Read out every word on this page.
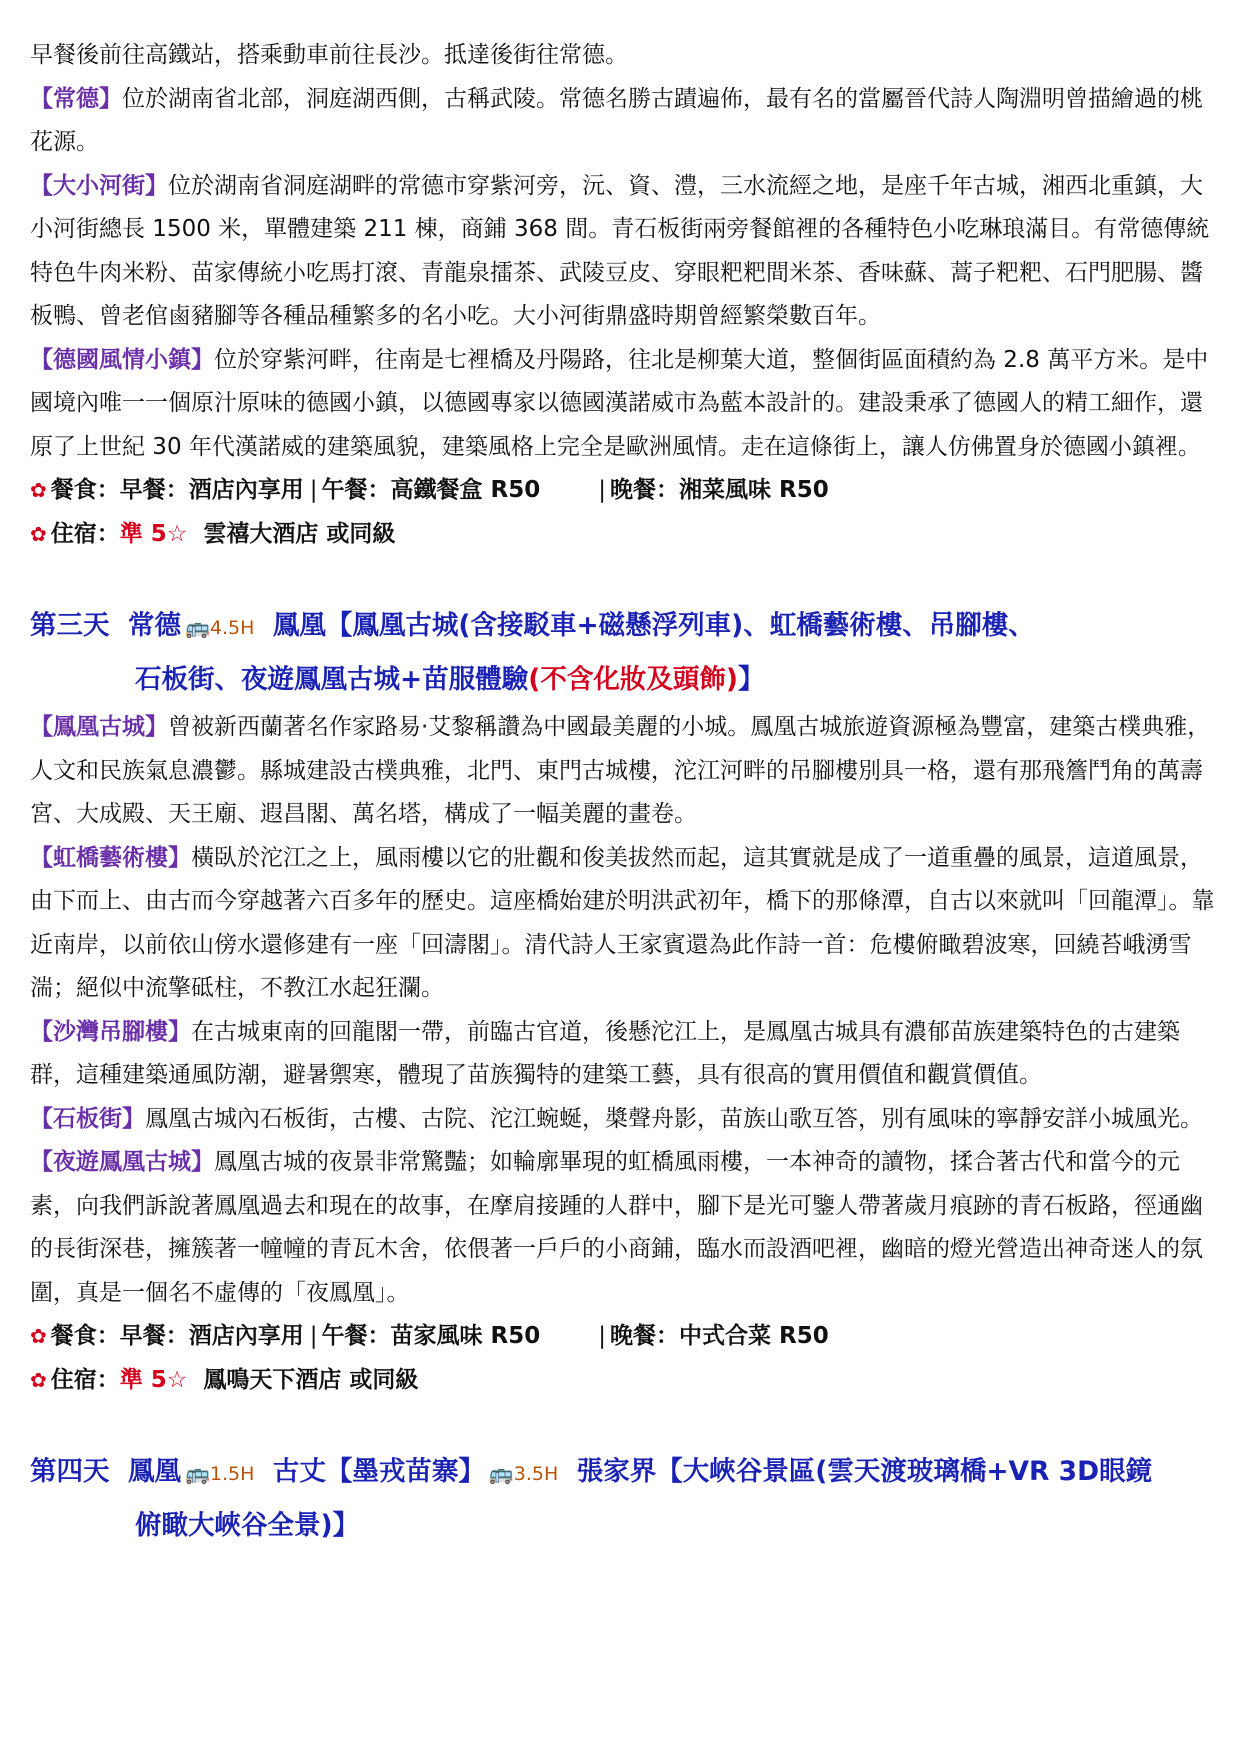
早餐後前往高鐵站，搭乘動車前往長沙。抵達後街往常德。

【常德】位於湖南省北部，洞庭湖西側，古稱武陵。常德名勝古蹟遍佈，最有名的當屬晉代詩人陶淵明曾描繪過的桃花源。

【大小河街】位於湖南省洞庭湖畔的常德市穿紫河旁，沅、資、澧，三水流經之地，是座千年古城，湘西北重鎮，大小河街總長 1500 米，單體建築 211 棟，商鋪 368 間。青石板街兩旁餐館裡的各種特色小吃琳琅滿目。有常德傳統特色牛肉米粉、苗家傳統小吃馬打滾、青龍泉擂茶、武陵豆皮、穿眼粑粑間米茶、香味蘇、蒿子粑粑、石門肥腸、醬板鴨、曾老倌鹵豬腳等各種品種繁多的名小吃。大小河街鼎盛時期曾經繁榮數百年。

【德國風情小鎮】位於穿紫河畔，往南是七裡橋及丹陽路，往北是柳葉大道，整個街區面積約為 2.8 萬平方米。是中國境內唯一一個原汁原味的德國小鎮，以德國專家以德國漢諾威市為藍本設計的。建設秉承了德國人的精工細作，還原了上世紀 30 年代漢諾威的建築風貌，建築風格上完全是歐洲風情。走在這條街上，讓人仿佛置身於德國小鎮裡。

✿ 餐食：早餐：酒店內享用 | 午餐：高鐵餐盒 R50	| 晚餐：湘菜風味 R50

✿ 住宿：準 5☆ 雲禧大酒店 或同級

第三天 常德 🚌4.5H 鳳凰【鳳凰古城(含接駁車+磁懸浮列車)、虹橋藝術樓、吊腳樓、

石板街、夜遊鳳凰古城+苗服體驗(不含化妝及頭飾)】

【鳳凰古城】曾被新西蘭著名作家路易·艾黎稱讚為中國最美麗的小城。鳳凰古城旅遊資源極為豐富，建築古樸典雅，人文和民族氣息濃鬱。縣城建設古樸典雅，北門、東門古城樓，沱江河畔的吊腳樓別具一格，還有那飛簷鬥角的萬壽宮、大成殿、天王廟、遐昌閣、萬名塔，構成了一幅美麗的畫卷。

【虹橋藝術樓】橫臥於沱江之上，風雨樓以它的壯觀和俊美拔然而起，這其實就是成了一道重疊的風景，這道風景，由下而上、由古而今穿越著六百多年的歷史。這座橋始建於明洪武初年，橋下的那條潭，自古以來就叫「回龍潭」。靠近南岸，以前依山傍水還修建有一座「回濤閣」。清代詩人王家賓還為此作詩一首：危樓俯瞰碧波寒，回繞苔峨湧雪湍；絕似中流擎砥柱，不教江水起狂瀾。

【沙灣吊腳樓】在古城東南的回龍閣一帶，前臨古官道，後懸沱江上，是鳳凰古城具有濃郁苗族建築特色的古建築群，這種建築通風防潮，避暑禦寒，體現了苗族獨特的建築工藝，具有很高的實用價值和觀賞價值。

【石板街】鳳凰古城內石板街，古樓、古院、沱江蜿蜒，槳聲舟影，苗族山歌互答，別有風味的寧靜安詳小城風光。

【夜遊鳳凰古城】鳳凰古城的夜景非常驚豔；如輪廓畢現的虹橋風雨樓，一本神奇的讀物，揉合著古代和當今的元素，向我們訴說著鳳凰過去和現在的故事，在摩肩接踵的人群中，腳下是光可鑒人帶著歲月痕跡的青石板路，徑通幽的長街深巷，擁簇著一幢幢的青瓦木舍，依偎著一戶戶的小商鋪，臨水而設酒吧裡，幽暗的燈光營造出神奇迷人的氛圍，真是一個名不虛傳的「夜鳳凰」。

✿ 餐食：早餐：酒店內享用 | 午餐：苗家風味 R50	| 晚餐：中式合菜 R50

✿ 住宿：準 5☆ 鳳鳴天下酒店 或同級

第四天 鳳凰 🚌1.5H 古丈【墨戎苗寨】 🚌3.5H 張家界【大峽谷景區(雲天渡玻璃橋+VR 3D眼鏡

俯瞰大峽谷全景)】
